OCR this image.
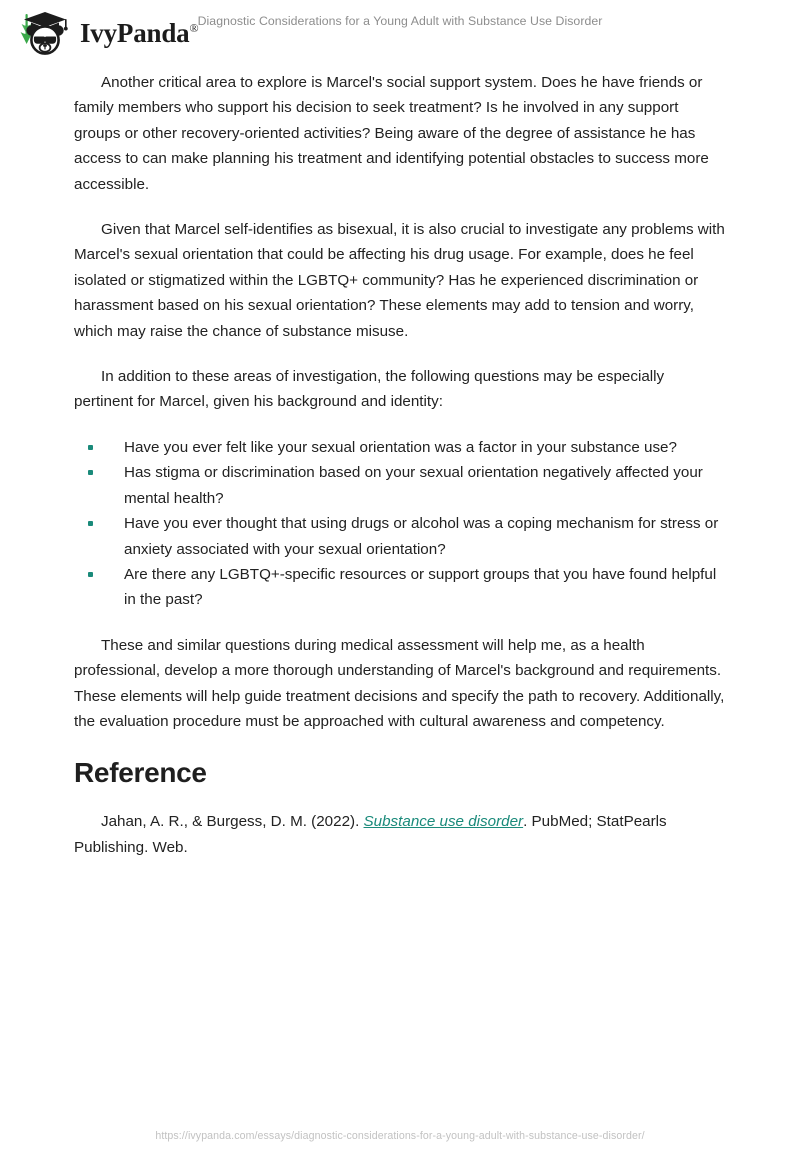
IvyPanda® Diagnostic Considerations for a Young Adult with Substance Use Disorder

Another critical area to explore is Marcel's social support system. Does he have friends or family members who support his decision to seek treatment? Is he involved in any support groups or other recovery-oriented activities? Being aware of the degree of assistance he has access to can make planning his treatment and identifying potential obstacles to success more accessible.

Given that Marcel self-identifies as bisexual, it is also crucial to investigate any problems with Marcel's sexual orientation that could be affecting his drug usage. For example, does he feel isolated or stigmatized within the LGBTQ+ community? Has he experienced discrimination or harassment based on his sexual orientation? These elements may add to tension and worry, which may raise the chance of substance misuse.

In addition to these areas of investigation, the following questions may be especially pertinent for Marcel, given his background and identity:

Have you ever felt like your sexual orientation was a factor in your substance use?
Has stigma or discrimination based on your sexual orientation negatively affected your mental health?
Have you ever thought that using drugs or alcohol was a coping mechanism for stress or anxiety associated with your sexual orientation?
Are there any LGBTQ+-specific resources or support groups that you have found helpful in the past?

These and similar questions during medical assessment will help me, as a health professional, develop a more thorough understanding of Marcel's background and requirements. These elements will help guide treatment decisions and specify the path to recovery. Additionally, the evaluation procedure must be approached with cultural awareness and competency.

Reference

Jahan, A. R., & Burgess, D. M. (2022). Substance use disorder. PubMed; StatPearls Publishing. Web.

https://ivypanda.com/essays/diagnostic-considerations-for-a-young-adult-with-substance-use-disorder/
